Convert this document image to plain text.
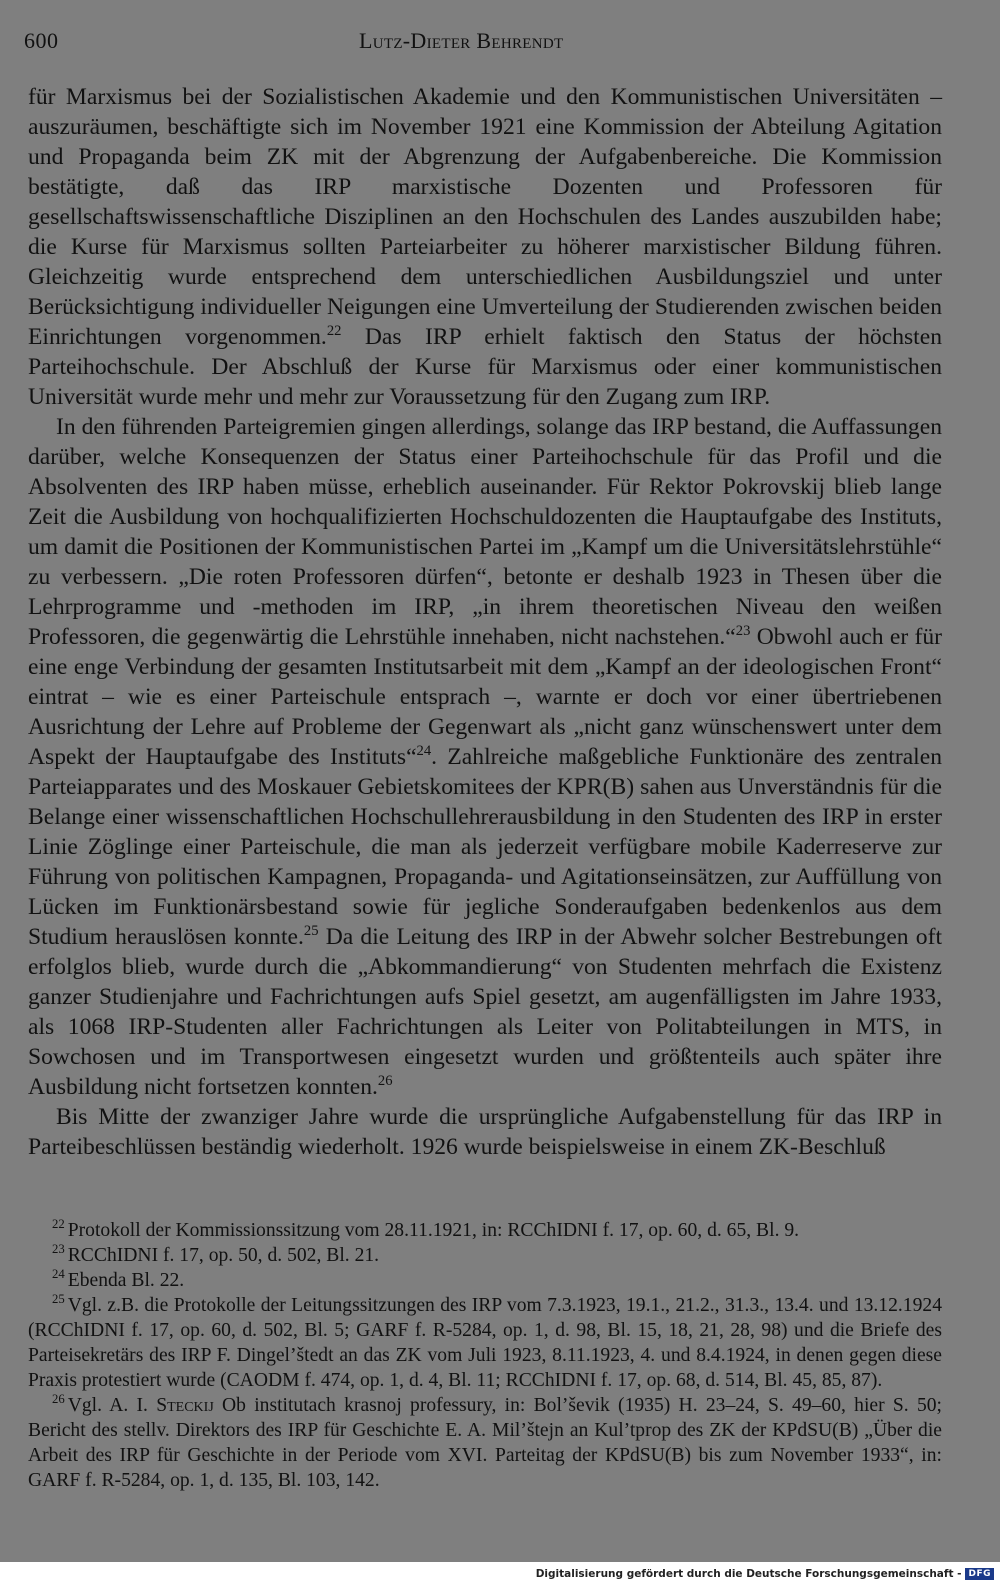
600	Lutz-Dieter Behrendt

für Marxismus bei der Sozialistischen Akademie und den Kommunistischen Universitäten – auszuräumen, beschäftigte sich im November 1921 eine Kommission der Abteilung Agitation und Propaganda beim ZK mit der Abgrenzung der Aufgabenbereiche. Die Kommission bestätigte, daß das IRP marxistische Dozenten und Professoren für gesellschaftswissenschaftliche Disziplinen an den Hochschulen des Landes auszubilden habe; die Kurse für Marxismus sollten Parteiarbeiter zu höherer marxistischer Bildung führen. Gleichzeitig wurde entsprechend dem unterschiedlichen Ausbildungsziel und unter Berücksichtigung individueller Neigungen eine Umverteilung der Studierenden zwischen beiden Einrichtungen vorgenommen.$^{22}$ Das IRP erhielt faktisch den Status der höchsten Parteihochschule. Der Abschluß der Kurse für Marxismus oder einer kommunistischen Universität wurde mehr und mehr zur Voraussetzung für den Zugang zum IRP.

In den führenden Parteigremien gingen allerdings, solange das IRP bestand, die Auffassungen darüber, welche Konsequenzen der Status einer Parteihochschule für das Profil und die Absolventen des IRP haben müsse, erheblich auseinander. Für Rektor Pokrovskij blieb lange Zeit die Ausbildung von hochqualifizierten Hochschuldozenten die Hauptaufgabe des Instituts, um damit die Positionen der Kommunistischen Partei im „Kampf um die Universitätslehrstühle“ zu verbessern. „Die roten Professoren dürfen“, betonte er deshalb 1923 in Thesen über die Lehrprogramme und -methoden im IRP, „in ihrem theoretischen Niveau den weißen Professoren, die gegenwärtig die Lehrstühle innehaben, nicht nachstehen.“$^{23}$ Obwohl auch er für eine enge Verbindung der gesamten Institutsarbeit mit dem „Kampf an der ideologischen Front“ eintrat – wie es einer Parteischule entsprach –, warnte er doch vor einer übertriebenen Ausrichtung der Lehre auf Probleme der Gegenwart als „nicht ganz wünschenswert unter dem Aspekt der Hauptaufgabe des Instituts“$^{24}$. Zahlreiche maßgebliche Funktionäre des zentralen Parteiapparates und des Moskauer Gebietskomitees der KPR(B) sahen aus Unverständnis für die Belange einer wissenschaftlichen Hochschullehrerausbildung in den Studenten des IRP in erster Linie Zöglinge einer Parteischule, die man als jederzeit verfügbare mobile Kaderreserve zur Führung von politischen Kampagnen, Propaganda- und Agitationseinsätzen, zur Auffüllung von Lücken im Funktionärsbestand sowie für jegliche Sonderaufgaben bedenkenlos aus dem Studium herauslösen konnte.$^{25}$ Da die Leitung des IRP in der Abwehr solcher Bestrebungen oft erfolglos blieb, wurde durch die „Abkommandierung“ von Studenten mehrfach die Existenz ganzer Studienjahre und Fachrichtungen aufs Spiel gesetzt, am augenfälligsten im Jahre 1933, als 1068 IRP-Studenten aller Fachrichtungen als Leiter von Politabteilungen in MTS, in Sowchosen und im Transportwesen eingesetzt wurden und größtenteils auch später ihre Ausbildung nicht fortsetzen konnten.$^{26}$

Bis Mitte der zwanziger Jahre wurde die ursprüngliche Aufgabenstellung für das IRP in Parteibeschlüssen beständig wiederholt. 1926 wurde beispielsweise in einem ZK-Beschluß

$^{22}$ Protokoll der Kommissionssitzung vom 28.11.1921, in: RCChIDNI f. 17, op. 60, d. 65, Bl. 9.

$^{23}$ RCChIDNI f. 17, op. 50, d. 502, Bl. 21.

$^{24}$ Ebenda Bl. 22.

$^{25}$ Vgl. z.B. die Protokolle der Leitungssitzungen des IRP vom 7.3.1923, 19.1., 21.2., 31.3., 13.4. und 13.12.1924 (RCChIDNI f. 17, op. 60, d. 502, Bl. 5; GARF f. R-5284, op. 1, d. 98, Bl. 15, 18, 21, 28, 98) und die Briefe des Parteisekretärs des IRP F. Dingel’štedt an das ZK vom Juli 1923, 8.11.1923, 4. und 8.4.1924, in denen gegen diese Praxis protestiert wurde (CAODM f. 474, op. 1, d. 4, Bl. 11; RCChIDNI f. 17, op. 68, d. 514, Bl. 45, 85, 87).

$^{26}$ Vgl. A. I. Steckij Ob institutach krasnoj professury, in: Bol’ševik (1935) H. 23–24, S. 49–60, hier S. 50; Bericht des stellv. Direktors des IRP für Geschichte E. A. Mil’štejn an Kul’tprop des ZK der KPdSU(B) „Über die Arbeit des IRP für Geschichte in der Periode vom XVI. Parteitag der KPdSU(B) bis zum November 1933“, in: GARF f. R-5284, op. 1, d. 135, Bl. 103, 142.

Digitalisierung gefördert durch die Deutsche Forschungsgemeinschaft - DFG
